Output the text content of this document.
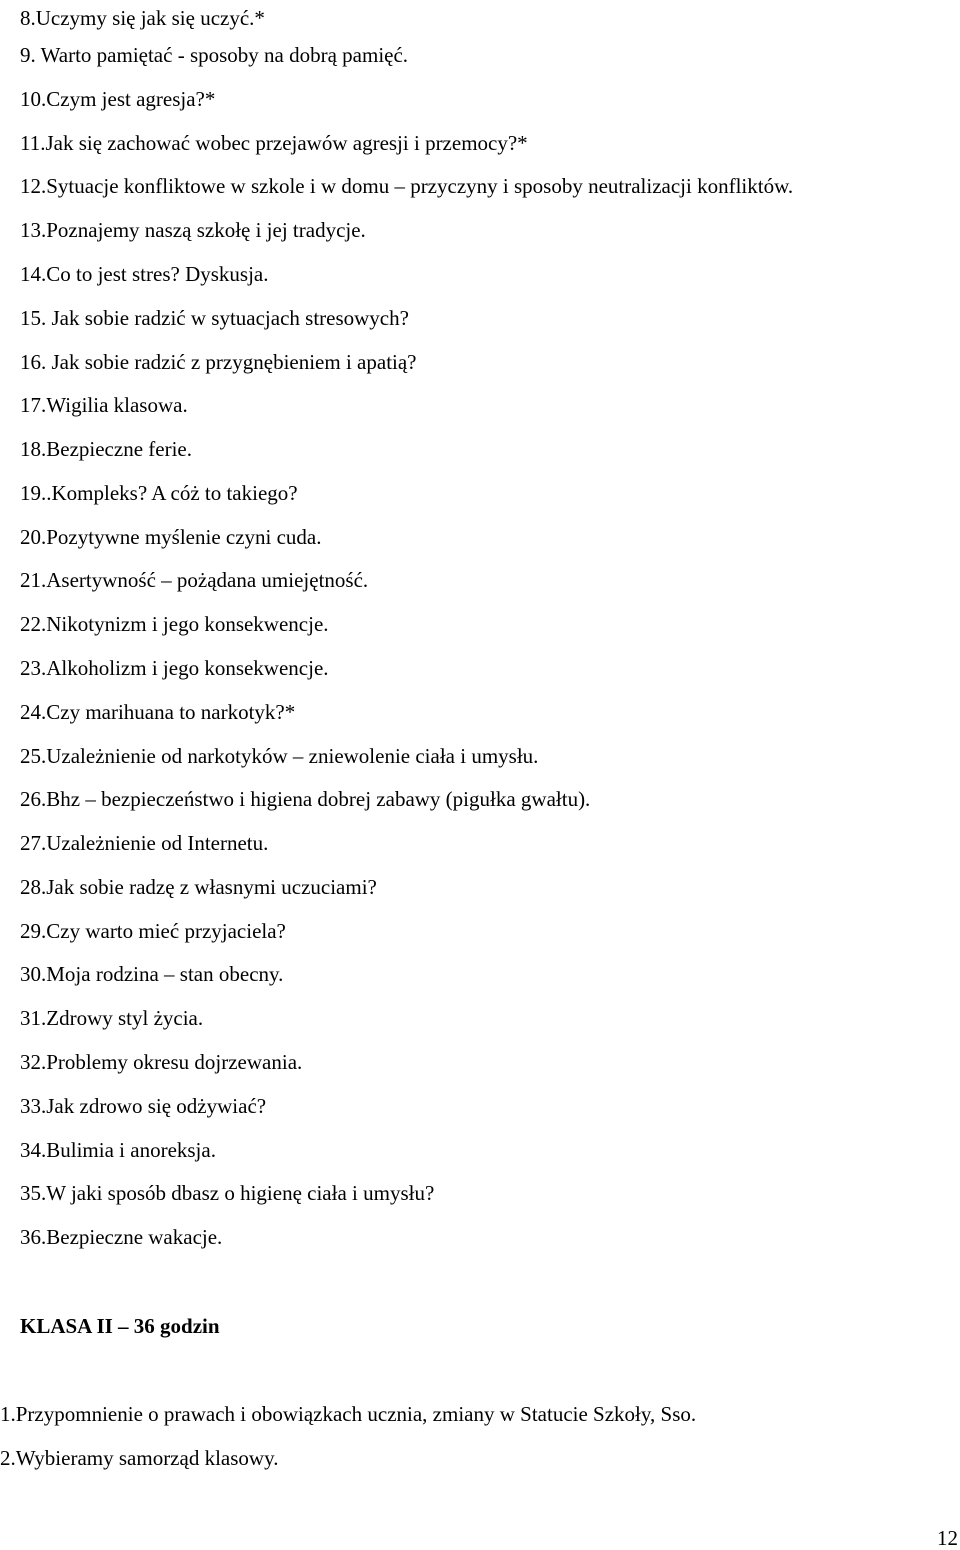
8.Uczymy się jak się uczyć.*
9. Warto pamiętać - sposoby na dobrą pamięć.
10.Czym jest agresja?*
11.Jak się zachować wobec przejawów agresji i przemocy?*
12.Sytuacje konfliktowe w szkole i w domu – przyczyny i sposoby neutralizacji konfliktów.
13.Poznajemy naszą szkołę i jej tradycje.
14.Co to jest stres? Dyskusja.
15. Jak sobie radzić w sytuacjach stresowych?
16. Jak sobie radzić z przygnębieniem i apatią?
17.Wigilia klasowa.
18.Bezpieczne ferie.
19..Kompleks? A cóż to takiego?
20.Pozytywne myślenie czyni cuda.
21.Asertywność – pożądana umiejętność.
22.Nikotynizm i jego konsekwencje.
23.Alkoholizm i jego konsekwencje.
24.Czy marihuana to narkotyk?*
25.Uzależnienie od narkotyków – zniewolenie ciała i umysłu.
26.Bhz – bezpieczeństwo i higiena dobrej zabawy (pigułka gwałtu).
27.Uzależnienie od Internetu.
28.Jak sobie radzę z własnymi uczuciami?
29.Czy warto mieć przyjaciela?
30.Moja rodzina – stan obecny.
31.Zdrowy styl życia.
32.Problemy okresu dojrzewania.
33.Jak zdrowo się odżywiać?
34.Bulimia i anoreksja.
35.W jaki sposób dbasz o higienę ciała i umysłu?
36.Bezpieczne wakacje.
KLASA II – 36 godzin
1.Przypomnienie o prawach i obowiązkach ucznia, zmiany w Statucie Szkoły, Sso.
2.Wybieramy samorząd klasowy.
12
